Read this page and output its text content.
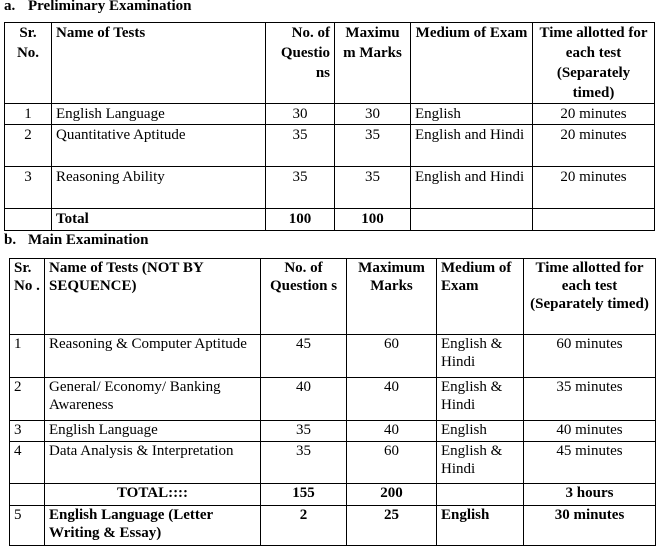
a. Preliminary Examination
Sr. No.	Name of Tests	No. of Questio ns	Maximu m Marks	Medium of Exam	Time allotted for each test (Separately timed)
1	English Language	30	30	English	20 minutes
2	Quantitative Aptitude	35	35	English and Hindi	20 minutes
3	Reasoning Ability	35	35	English and Hindi	20 minutes
	Total	100	100		
b. Main Examination
Sr. No .	Name of Tests (NOT BY SEQUENCE)	No. of Question s	Maximum Marks	Medium of Exam	Time allotted for each test (Separately timed)
1	Reasoning & Computer Aptitude	45	60	English & Hindi	60 minutes
2	General/ Economy/ Banking Awareness	40	40	English & Hindi	35 minutes
3	English Language	35	40	English	40 minutes
4	Data Analysis & Interpretation	35	60	English & Hindi	45 minutes
	TOTAL::::	155	200		3 hours
5	English Language (Letter Writing & Essay)	2	25	English	30 minutes
